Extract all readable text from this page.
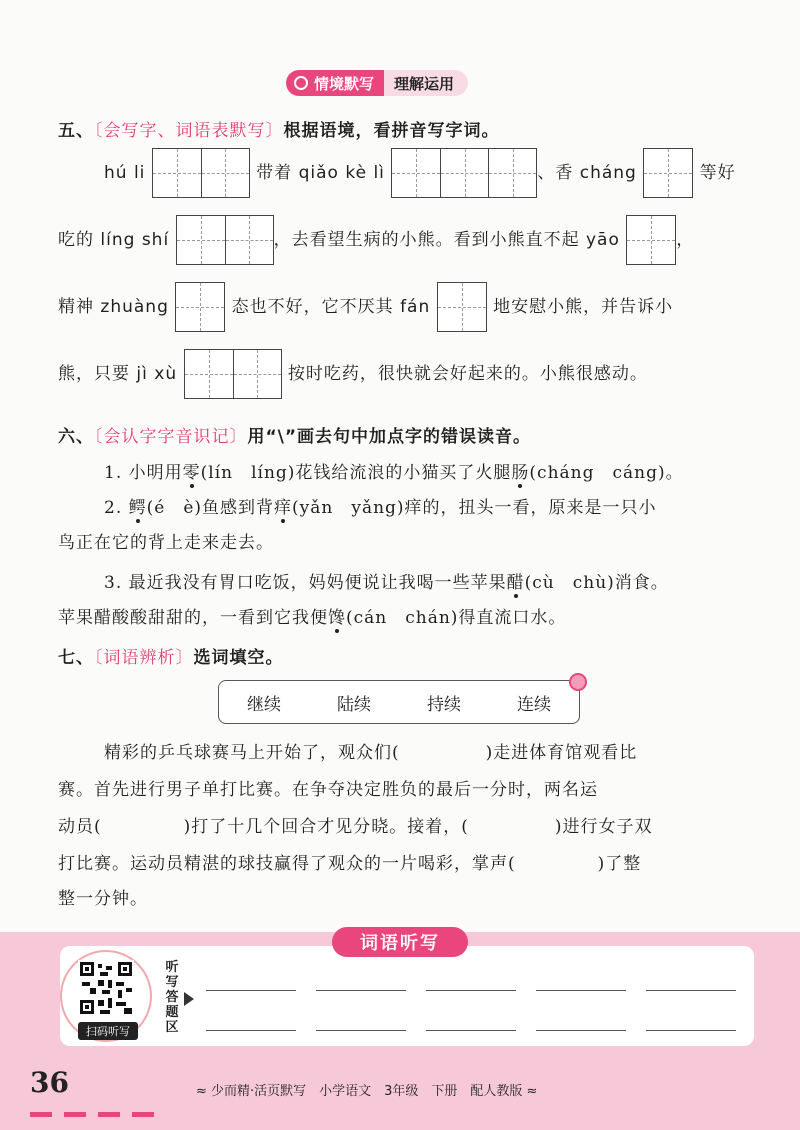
情境默写	理解运用
五、〔会写字、词语表默写〕根据语境，看拼音写字词。
hú li	带着 qiǎo kè lì	、香 cháng	等好
吃的 líng shí	，去看望生病的小熊。看到小熊直不起 yāo	，
精神 zhuàng	态也不好，它不厌其 fán	地安慰小熊，并告诉小
熊，只要 jì xù	按时吃药，很快就会好起来的。小熊很感动。
六、〔会认字字音识记〕用“\”画去句中加点字的错误读音。
1. 小明用零(lín　líng)花钱给流浪的小猫买了火腿肠(cháng　cáng)。
2. 鳄(é　è)鱼感到背痒(yǎn　yǎng)痒的，扭头一看，原来是一只小
鸟正在它的背上走来走去。
3. 最近我没有胃口吃饭，妈妈便说让我喝一些苹果醋(cù　chù)消食。
苹果醋酸酸甜甜的，一看到它我便馋(cán　chán)得直流口水。
七、〔词语辨析〕选词填空。
继续	陆续	持续	连续
精彩的乒乓球赛马上开始了，观众们(	)走进体育馆观看比
赛。首先进行男子单打比赛。在争夺决定胜负的最后一分时，两名运
动员(	)打了十几个回合才见分晓。接着，(	)进行女子双
打比赛。运动员精湛的球技赢得了观众的一片喝彩，掌声(	)了整
整一分钟。
词语听写
扫码听写
听写答题区
36	≈ 少而精·活页默写　小学语文　3年级　下册　配人教版 ≈
